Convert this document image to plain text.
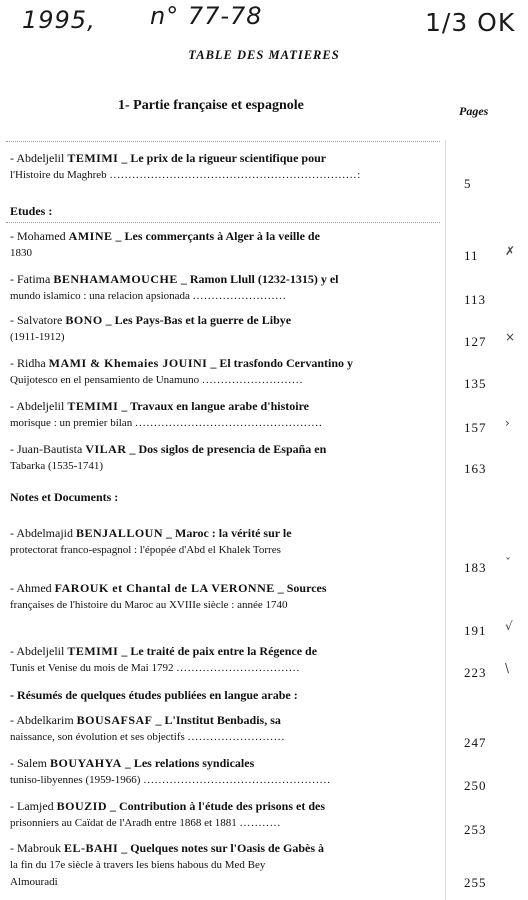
1995, n° 77-78	1/3 OK
TABLE DES MATIERES
1- Partie française et espagnole	Pages
Etudes :
Notes et Documents :
- Résumés de quelques études publiées en langue arabe :
- Abdeljelil TEMIMI _ Le prix de la rigueur scientifique pour
l'Histoire du Maghreb ..................................................................:
5
- Mohamed AMINE _ Les commerçants à Alger à la veille de
1830	11	✗
- Fatima BENHAMAMOUCHE _ Ramon Llull (1232-1315) y el
mundo islamico : una relacion apsionada .........................	113
- Salvatore BONO _ Les Pays-Bas et la guerre de Libye
(1911-1912)	127	×
- Ridha MAMI & Khemaies JOUINI _ El trasfondo Cervantino y
Quijotesco en el pensamiento de Unamuno ...........................	135
- Abdeljelil TEMIMI _ Travaux en langue arabe d'histoire
morisque : un premier bilan ..................................................	157	›
- Juan-Bautista VILAR _ Dos siglos de presencia de España en
Tabarka (1535-1741)	163
- Abdelmajid BENJALLOUN _ Maroc : la vérité sur le
protectorat franco-espagnol : l'épopée d'Abd el Khalek Torres
183	ˇ
- Ahmed FAROUK et Chantal de LA VERONNE _ Sources
françaises de l'histoire du Maroc au XVIIIe siècle : année 1740
191	√
- Abdeljelil TEMIMI _ Le traité de paix entre la Régence de
Tunis et Venise du mois de Mai 1792 .................................	223	\
- Abdelkarim BOUSAFSAF _ L'Institut Benbadis, sa
naissance, son évolution et ses objectifs ..........................	247
- Salem BOUYAHYA _ Les relations syndicales
tuniso-libyennes (1959-1966) ..................................................	250
- Lamjed BOUZID _ Contribution à l'étude des prisons et des
prisonniers au Caïdat de l'Aradh entre 1868 et 1881 ...........	253
- Mabrouk EL-BAHI _ Quelques notes sur l'Oasis de Gabès à
la fin du 17e siècle à travers les biens habous du Med Bey
Almouradi	255
